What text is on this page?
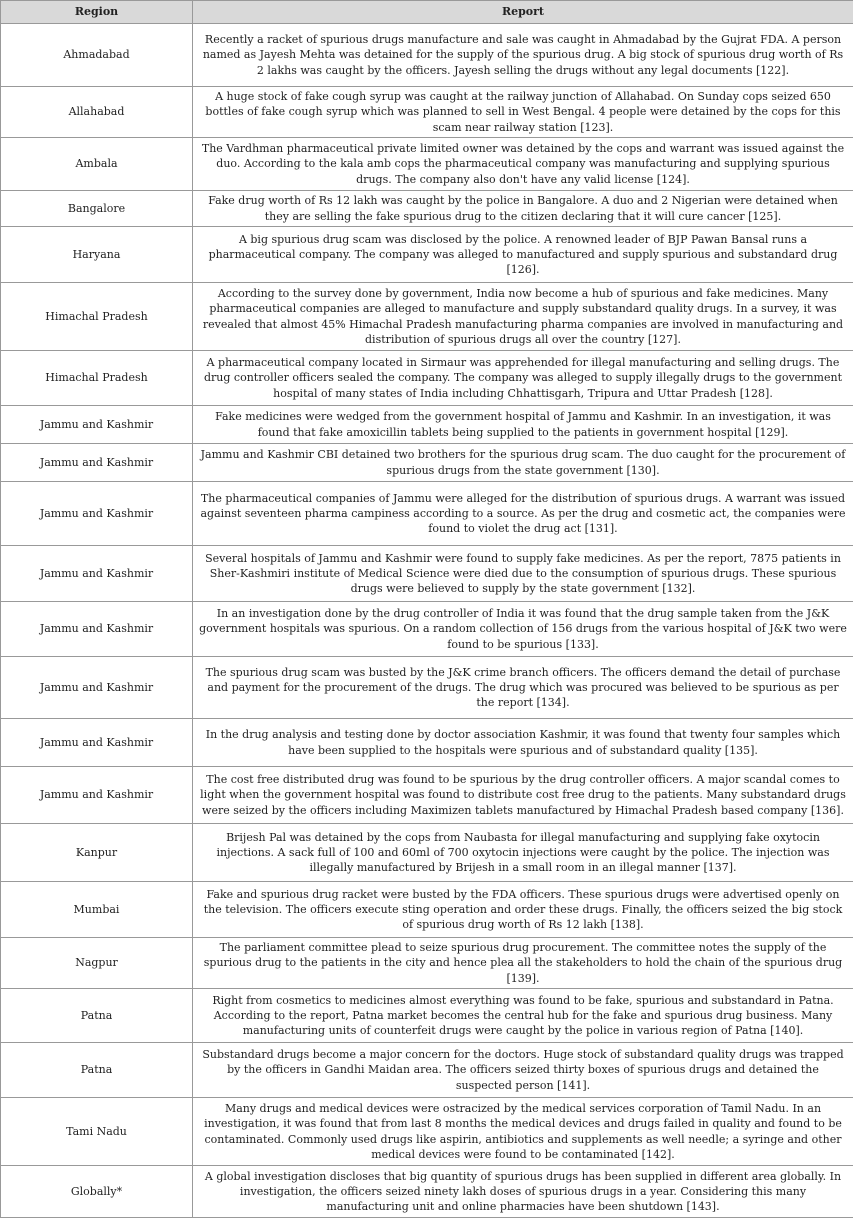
Region	Report
Ahmadabad	Recently a racket of spurious drugs manufacture and sale was caught in Ahmadabad by the Gujrat FDA. A person named as Jayesh Mehta was detained for the supply of the spurious drug. A big stock of spurious drug worth of Rs 2 lakhs was caught by the officers. Jayesh selling the drugs without any legal documents [122].
Allahabad	A huge stock of fake cough syrup was caught at the railway junction of Allahabad. On Sunday cops seized 650 bottles of fake cough syrup which was planned to sell in West Bengal. 4 people were detained by the cops for this scam near railway station [123].
Ambala	The Vardhman pharmaceutical private limited owner was detained by the cops and warrant was issued against the duo. According to the kala amb cops the pharmaceutical company was manufacturing and supplying spurious drugs. The company also don't have any valid license [124].
Bangalore	Fake drug worth of Rs 12 lakh was caught by the police in Bangalore. A duo and 2 Nigerian were detained when they are selling the fake spurious drug to the citizen declaring that it will cure cancer [125].
Haryana	A big spurious drug scam was disclosed by the police. A renowned leader of BJP Pawan Bansal runs a pharmaceutical company. The company was alleged to manufactured and supply spurious and substandard drug [126].
Himachal Pradesh	According to the survey done by government, India now become a hub of spurious and fake medicines. Many pharmaceutical companies are alleged to manufacture and supply substandard quality drugs. In a survey, it was revealed that almost 45% Himachal Pradesh manufacturing pharma companies are involved in manufacturing and distribution of spurious drugs all over the country [127].
Himachal Pradesh	A pharmaceutical company located in Sirmaur was apprehended for illegal manufacturing and selling drugs. The drug controller officers sealed the company. The company was alleged to supply illegally drugs to the government hospital of many states of India including Chhattisgarh, Tripura and Uttar Pradesh [128].
Jammu and Kashmir	Fake medicines were wedged from the government hospital of Jammu and Kashmir. In an investigation, it was found that fake amoxicillin tablets being supplied to the patients in government hospital [129].
Jammu and Kashmir	Jammu and Kashmir CBI detained two brothers for the spurious drug scam. The duo caught for the procurement of spurious drugs from the state government [130].
Jammu and Kashmir	The pharmaceutical companies of Jammu were alleged for the distribution of spurious drugs. A warrant was issued against seventeen pharma campiness according to a source. As per the drug and cosmetic act, the companies were found to violet the drug act [131].
Jammu and Kashmir	Several hospitals of Jammu and Kashmir were found to supply fake medicines. As per the report, 7875 patients in Sher-Kashmiri institute of Medical Science were died due to the consumption of spurious drugs. These spurious drugs were believed to supply by the state government [132].
Jammu and Kashmir	In an investigation done by the drug controller of India it was found that the drug sample taken from the J&K government hospitals was spurious. On a random collection of 156 drugs from the various hospital of J&K two were found to be spurious [133].
Jammu and Kashmir	The spurious drug scam was busted by the J&K crime branch officers. The officers demand the detail of purchase and payment for the procurement of the drugs. The drug which was procured was believed to be spurious as per the report [134].
Jammu and Kashmir	In the drug analysis and testing done by doctor association Kashmir, it was found that twenty four samples which have been supplied to the hospitals were spurious and of substandard quality [135].
Jammu and Kashmir	The cost free distributed drug was found to be spurious by the drug controller officers. A major scandal comes to light when the government hospital was found to distribute cost free drug to the patients. Many substandard drugs were seized by the officers including Maximizen tablets manufactured by Himachal Pradesh based company [136].
Kanpur	Brijesh Pal was detained by the cops from Naubasta for illegal manufacturing and supplying fake oxytocin injections. A sack full of 100 and 60ml of 700 oxytocin injections were caught by the police. The injection was illegally manufactured by Brijesh in a small room in an illegal manner [137].
Mumbai	Fake and spurious drug racket were busted by the FDA officers. These spurious drugs were advertised openly on the television. The officers execute sting operation and order these drugs. Finally, the officers seized the big stock of spurious drug worth of Rs 12 lakh [138].
Nagpur	The parliament committee plead to seize spurious drug procurement. The committee notes the supply of the spurious drug to the patients in the city and hence plea all the stakeholders to hold the chain of the spurious drug [139].
Patna	Right from cosmetics to medicines almost everything was found to be fake, spurious and substandard in Patna. According to the report, Patna market becomes the central hub for the fake and spurious drug business. Many manufacturing units of counterfeit drugs were caught by the police in various region of Patna [140].
Patna	Substandard drugs become a major concern for the doctors. Huge stock of substandard quality drugs was trapped by the officers in Gandhi Maidan area. The officers seized thirty boxes of spurious drugs and detained the suspected person [141].
Tami Nadu	Many drugs and medical devices were ostracized by the medical services corporation of Tamil Nadu. In an investigation, it was found that from last 8 months the medical devices and drugs failed in quality and found to be contaminated. Commonly used drugs like aspirin, antibiotics and supplements as well needle; a syringe and other medical devices were found to be contaminated [142].
Globally*	A global investigation discloses that big quantity of spurious drugs has been supplied in different area globally. In investigation, the officers seized ninety lakh doses of spurious drugs in a year. Considering this many manufacturing unit and online pharmacies have been shutdown [143].
